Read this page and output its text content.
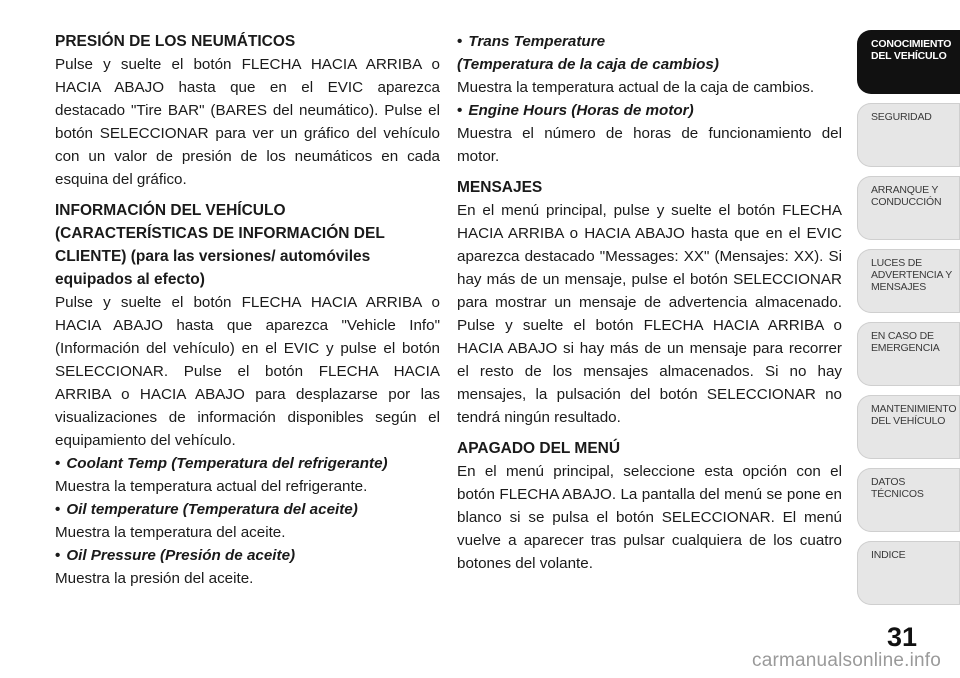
PRESIÓN DE LOS NEUMÁTICOS

Pulse y suelte el botón FLECHA HACIA ARRIBA o HACIA ABAJO hasta que en el EVIC aparezca destacado "Tire BAR" (BARES del neumático). Pulse el botón SELECCIONAR para ver un gráfico del vehículo con un valor de presión de los neumáticos en cada esquina del gráfico.

INFORMACIÓN DEL VEHÍCULO (CARACTERÍSTICAS DE INFORMACIÓN DEL CLIENTE) (para las versiones/ automóviles equipados al efecto)

Pulse y suelte el botón FLECHA HACIA ARRIBA o HACIA ABAJO hasta que aparezca "Vehicle Info" (Información del vehículo) en el EVIC y pulse el botón SELECCIONAR. Pulse el botón FLECHA HACIA ARRIBA o HACIA ABAJO para desplazarse por las visualizaciones de información disponibles según el equipamiento del vehículo.

• Coolant Temp (Temperatura del refrigerante)

Muestra la temperatura actual del refrigerante.

• Oil temperature (Temperatura del aceite)

Muestra la temperatura del aceite.

• Oil Pressure (Presión de aceite)

Muestra la presión del aceite.

• Trans Temperature

(Temperatura de la caja de cambios)

Muestra la temperatura actual de la caja de cambios.

• Engine Hours (Horas de motor)

Muestra el número de horas de funcionamiento del motor.

MENSAJES

En el menú principal, pulse y suelte el botón FLECHA HACIA ARRIBA o HACIA ABAJO hasta que en el EVIC aparezca destacado "Messages: XX" (Mensajes: XX). Si hay más de un mensaje, pulse el botón SELECCIONAR para mostrar un mensaje de advertencia almacenado. Pulse y suelte el botón FLECHA HACIA ARRIBA o HACIA ABAJO si hay más de un mensaje para recorrer el resto de los mensajes almacenados. Si no hay mensajes, la pulsación del botón SELECCIONAR no tendrá ningún resultado.

APAGADO DEL MENÚ

En el menú principal, seleccione esta opción con el botón FLECHA ABAJO. La pantalla del menú se pone en blanco si se pulsa el botón SELECCIONAR. El menú vuelve a aparecer tras pulsar cualquiera de los cuatro botones del volante.

CONOCIMIENTO
DEL VEHÍCULO
SEGURIDAD
ARRANQUE Y
CONDUCCIÓN
LUCES DE
ADVERTENCIA Y
MENSAJES
EN CASO DE
EMERGENCIA
MANTENIMIENTO
DEL VEHÍCULO
DATOS
TÉCNICOS
INDICE
31
carmanualsonline.info
